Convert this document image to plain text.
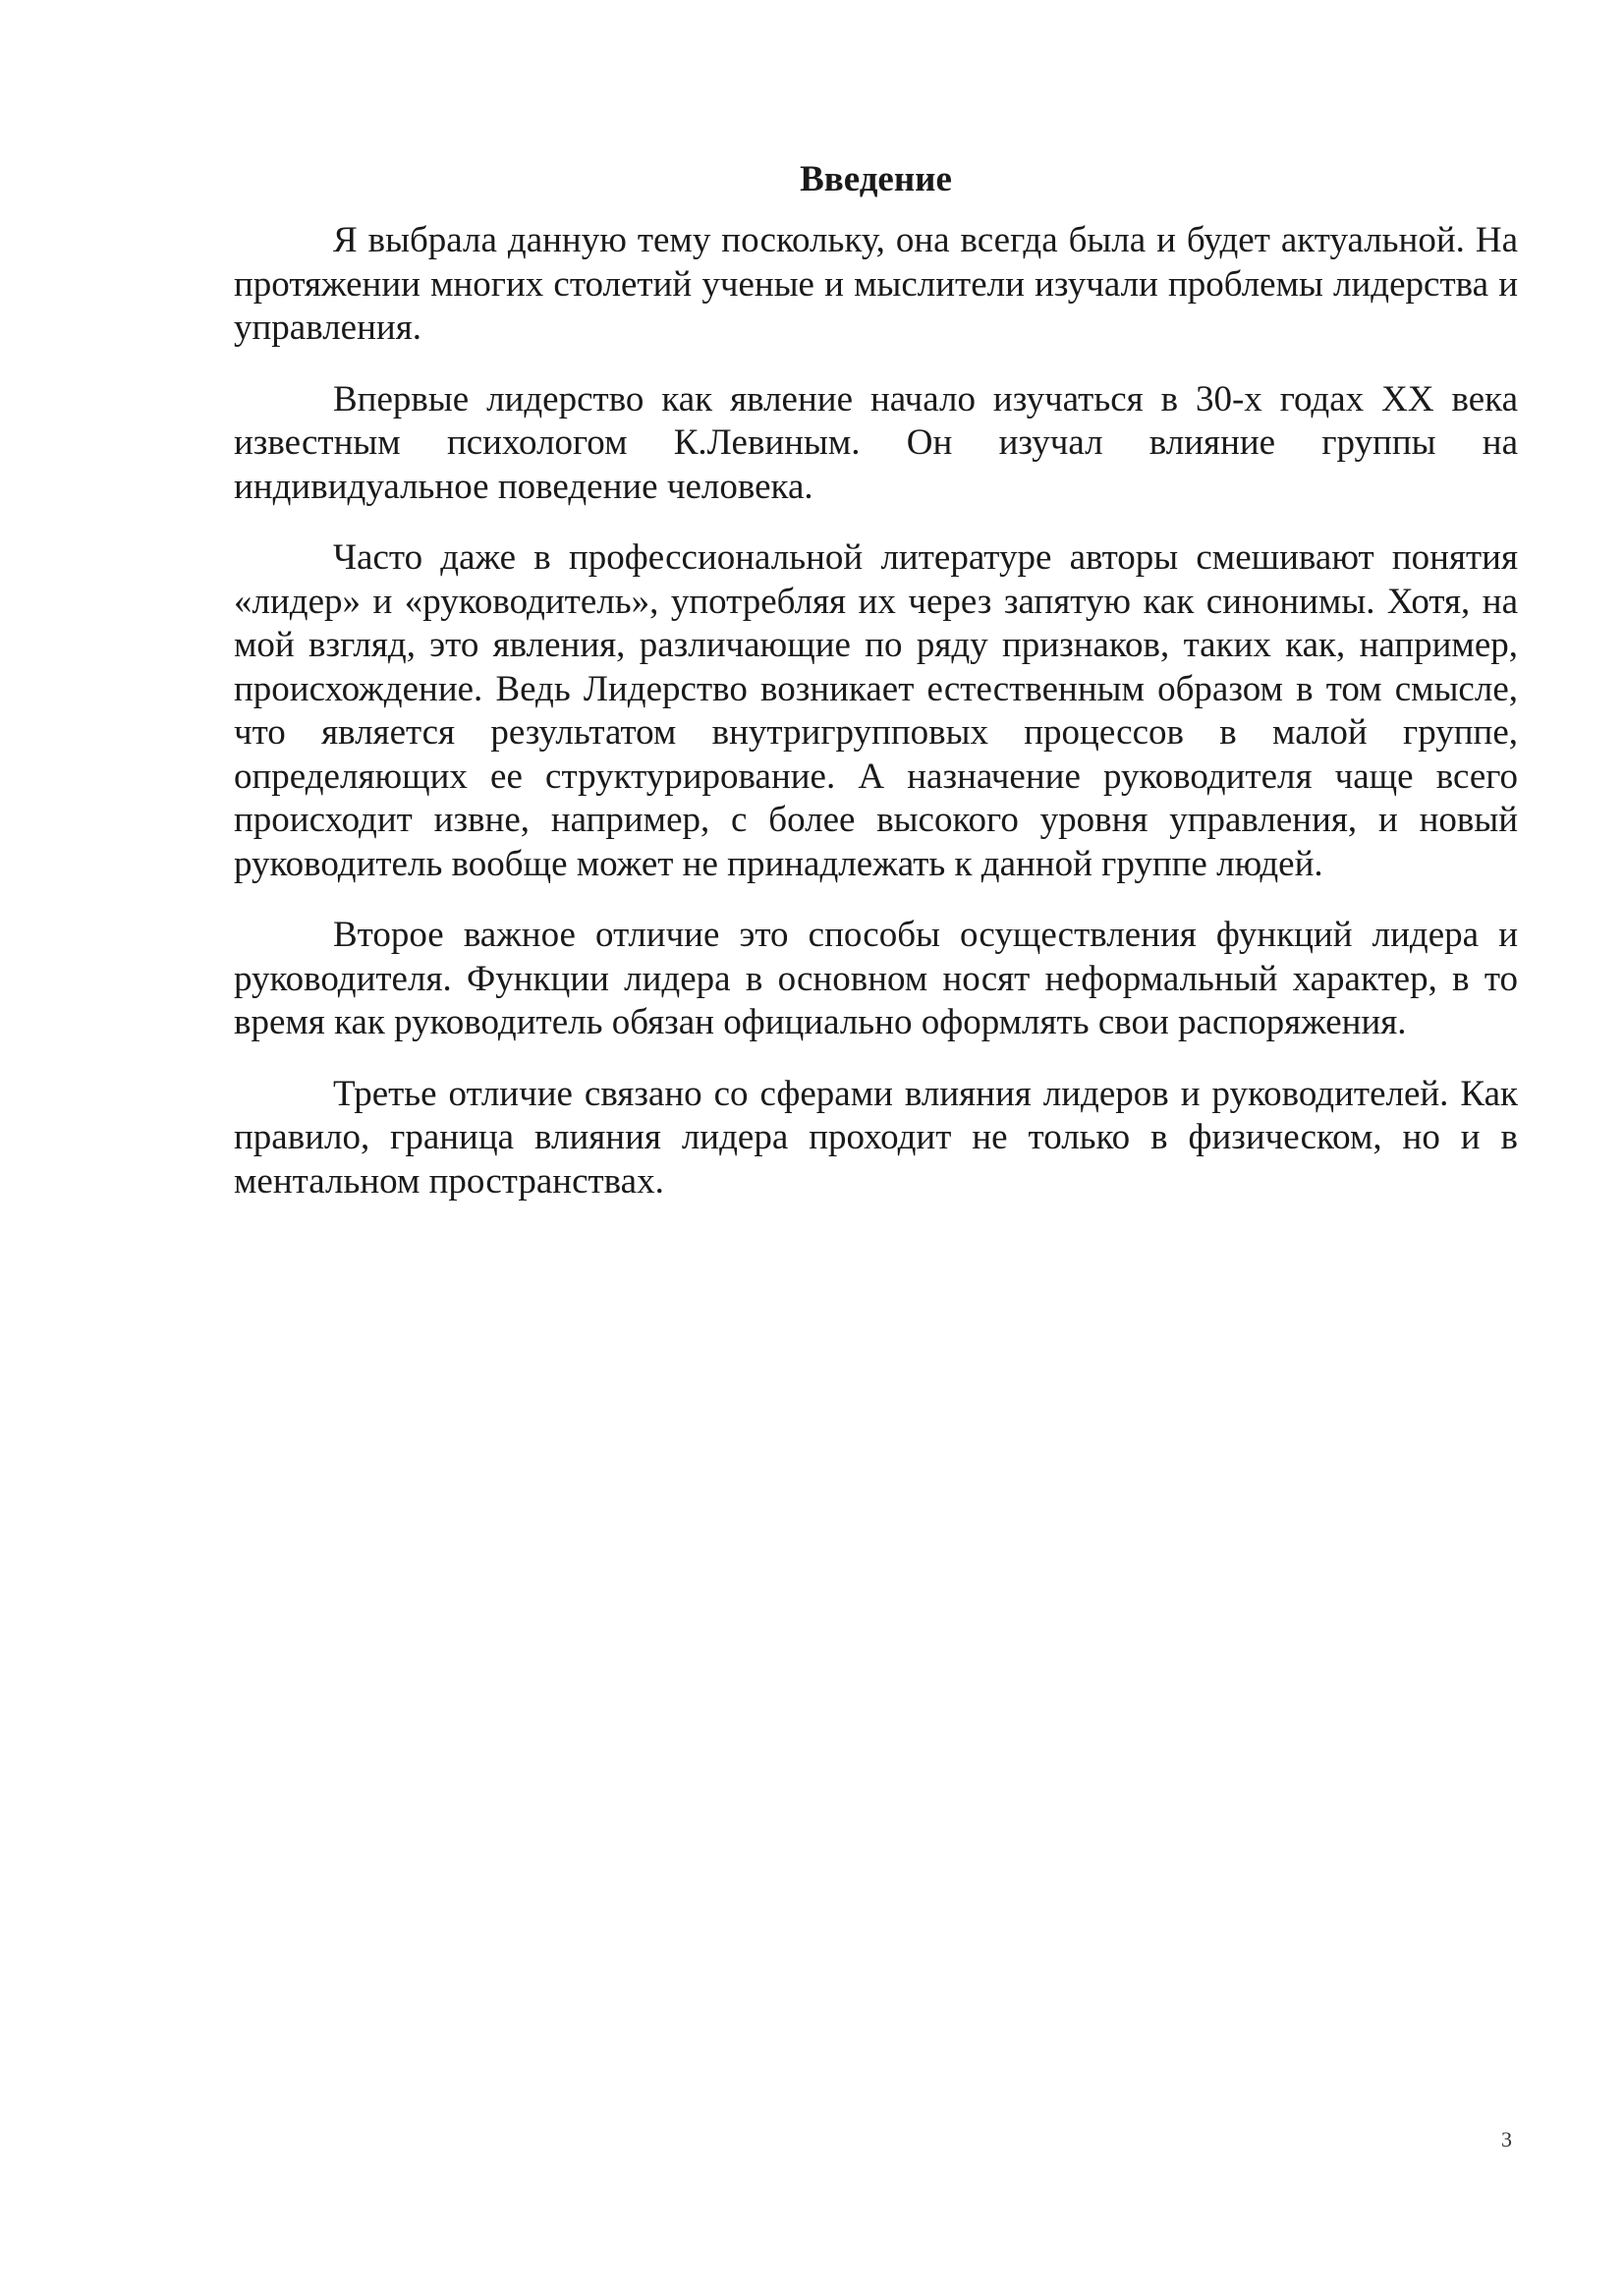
Введение

Я выбрала данную тему поскольку, она всегда была и будет актуальной. На протяжении многих столетий ученые и мыслители изучали проблемы лидерства и управления.

Впервые лидерство как явление начало изучаться в 30-х годах XX века известным психологом К.Левиным. Он изучал влияние группы на индивидуальное поведение человека.

Часто даже в профессиональной литературе авторы смешивают понятия «лидер» и «руководитель», употребляя их через запятую как синонимы. Хотя, на мой взгляд, это явления, различающие по ряду признаков, таких как, например, происхождение. Ведь Лидерство возникает естественным образом в том смысле, что является результатом внутригрупповых процессов в малой группе, определяющих ее структурирование. А назначение руководителя чаще всего происходит извне, например, с более высокого уровня управления, и новый руководитель вообще может не принадлежать к данной группе людей.

Второе важное отличие это способы осуществления функций лидера и руководителя. Функции лидера в основном носят неформальный характер, в то время как руководитель обязан официально оформлять свои распоряжения.

Третье отличие связано со сферами влияния лидеров и руководителей. Как правило, граница влияния лидера проходит не только в физическом, но и в ментальном пространствах.

3
